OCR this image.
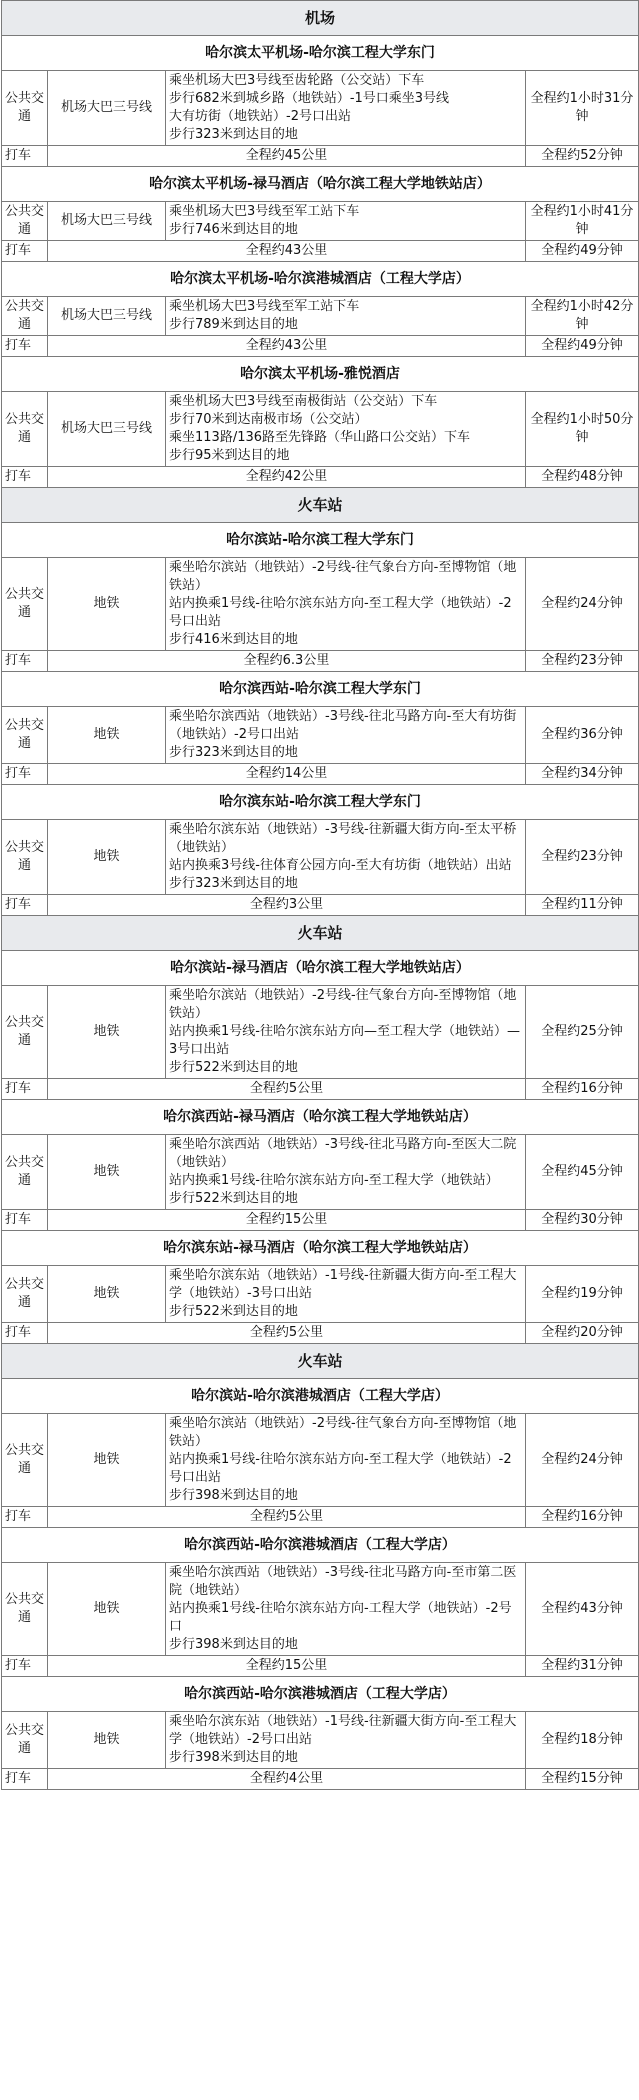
机场			
哈尔滨太平机场-哈尔滨工程大学东门			
公共交通	机场大巴三号线	乘坐机场大巴3号线至齿轮路（公交站）下车
步行682米到城乡路（地铁站）-1号口乘坐3号线
大有坊街（地铁站）-2号口出站
步行323米到达目的地	全程约1小时31分钟
打车	全程约45公里		全程约52分钟
哈尔滨太平机场-禄马酒店（哈尔滨工程大学地铁站店）			
公共交通	机场大巴三号线	乘坐机场大巴3号线至军工站下车
步行746米到达目的地	全程约1小时41分钟
打车	全程约43公里		全程约49分钟
哈尔滨太平机场-哈尔滨港城酒店（工程大学店）			
公共交通	机场大巴三号线	乘坐机场大巴3号线至军工站下车
步行789米到达目的地	全程约1小时42分钟
打车	全程约43公里		全程约49分钟
哈尔滨太平机场-雅悦酒店			
公共交通	机场大巴三号线	乘坐机场大巴3号线至南极街站（公交站）下车
步行70米到达南极市场（公交站）
乘坐113路/136路至先锋路（华山路口公交站）下车
步行95米到达目的地	全程约1小时50分钟
打车	全程约42公里		全程约48分钟
火车站			
哈尔滨站-哈尔滨工程大学东门			
公共交通	地铁	乘坐哈尔滨站（地铁站）-2号线-往气象台方向-至博物馆（地铁站）
站内换乘1号线-往哈尔滨东站方向-至工程大学（地铁站）-2号口出站
步行416米到达目的地	全程约24分钟
打车	全程约6.3公里		全程约23分钟
哈尔滨西站-哈尔滨工程大学东门			
公共交通	地铁	乘坐哈尔滨西站（地铁站）-3号线-往北马路方向-至大有坊街（地铁站）-2号口出站
步行323米到达目的地	全程约36分钟
打车	全程约14公里		全程约34分钟
哈尔滨东站-哈尔滨工程大学东门			
公共交通	地铁	乘坐哈尔滨东站（地铁站）-3号线-往新疆大街方向-至太平桥（地铁站）
站内换乘3号线-往体育公园方向-至大有坊街（地铁站）出站
步行323米到达目的地	全程约23分钟
打车	全程约3公里		全程约11分钟
火车站			
哈尔滨站-禄马酒店（哈尔滨工程大学地铁站店）			
公共交通	地铁	乘坐哈尔滨站（地铁站）-2号线-往气象台方向-至博物馆（地铁站）
站内换乘1号线-往哈尔滨东站方向—至工程大学（地铁站）—3号口出站
步行522米到达目的地	全程约25分钟
打车	全程约5公里		全程约16分钟
哈尔滨西站-禄马酒店（哈尔滨工程大学地铁站店）			
公共交通	地铁	乘坐哈尔滨西站（地铁站）-3号线-往北马路方向-至医大二院（地铁站）
站内换乘1号线-往哈尔滨东站方向-至工程大学（地铁站）
步行522米到达目的地	全程约45分钟
打车	全程约15公里		全程约30分钟
哈尔滨东站-禄马酒店（哈尔滨工程大学地铁站店）			
公共交通	地铁	乘坐哈尔滨东站（地铁站）-1号线-往新疆大街方向-至工程大学（地铁站）-3号口出站
步行522米到达目的地	全程约19分钟
打车	全程约5公里		全程约20分钟
火车站			
哈尔滨站-哈尔滨港城酒店（工程大学店）			
公共交通	地铁	乘坐哈尔滨站（地铁站）-2号线-往气象台方向-至博物馆（地铁站）
站内换乘1号线-往哈尔滨东站方向-至工程大学（地铁站）-2号口出站
步行398米到达目的地	全程约24分钟
打车	全程约5公里		全程约16分钟
哈尔滨西站-哈尔滨港城酒店（工程大学店）			
公共交通	地铁	乘坐哈尔滨西站（地铁站）-3号线-往北马路方向-至市第二医院（地铁站）
站内换乘1号线-往哈尔滨东站方向-工程大学（地铁站）-2号口
步行398米到达目的地	全程约43分钟
打车	全程约15公里		全程约31分钟
哈尔滨西站-哈尔滨港城酒店（工程大学店）			
公共交通	地铁	乘坐哈尔滨东站（地铁站）-1号线-往新疆大街方向-至工程大学（地铁站）-2号口出站
步行398米到达目的地	全程约18分钟
打车	全程约4公里		全程约15分钟
